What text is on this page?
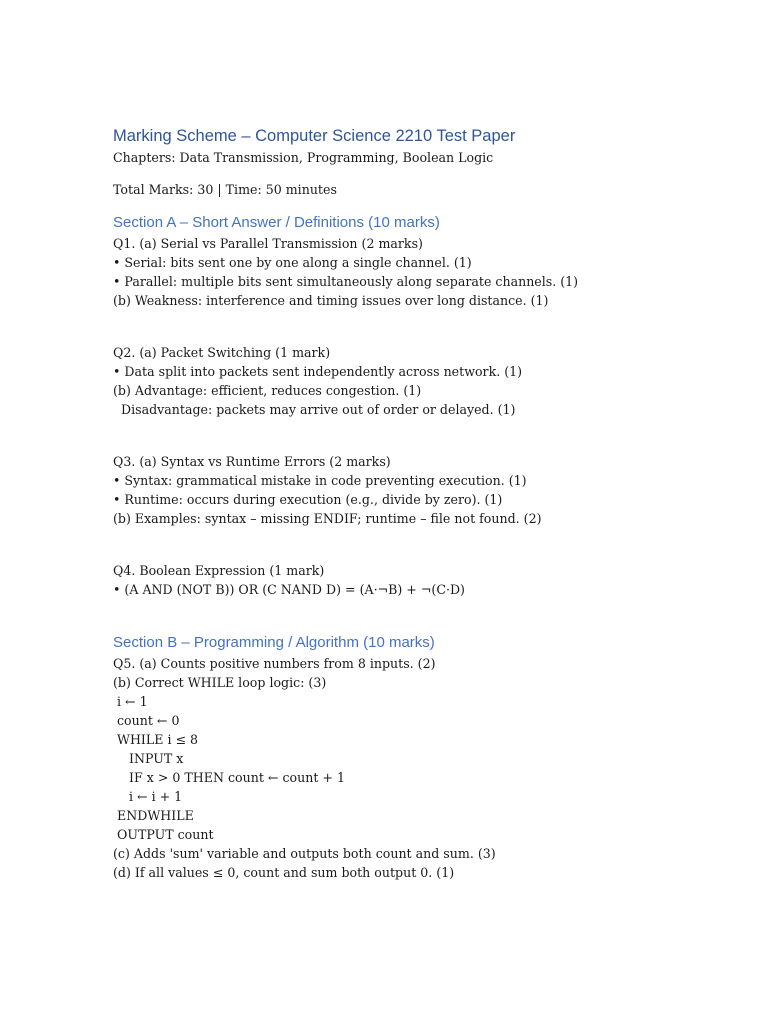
Marking Scheme – Computer Science 2210 Test Paper
Chapters: Data Transmission, Programming, Boolean Logic
Total Marks: 30 | Time: 50 minutes
Section A – Short Answer / Definitions (10 marks)
Q1. (a) Serial vs Parallel Transmission (2 marks)
• Serial: bits sent one by one along a single channel. (1)
• Parallel: multiple bits sent simultaneously along separate channels. (1)
(b) Weakness: interference and timing issues over long distance. (1)
Q2. (a) Packet Switching (1 mark)
• Data split into packets sent independently across network. (1)
(b) Advantage: efficient, reduces congestion. (1)
Disadvantage: packets may arrive out of order or delayed. (1)
Q3. (a) Syntax vs Runtime Errors (2 marks)
• Syntax: grammatical mistake in code preventing execution. (1)
• Runtime: occurs during execution (e.g., divide by zero). (1)
(b) Examples: syntax – missing ENDIF; runtime – file not found. (2)
Q4. Boolean Expression (1 mark)
• (A AND (NOT B)) OR (C NAND D) = (A·¬B) + ¬(C·D)
Section B – Programming / Algorithm (10 marks)
Q5. (a) Counts positive numbers from 8 inputs. (2)
(b) Correct WHILE loop logic: (3)
i ← 1
count ← 0
WHILE i ≤ 8
INPUT x
IF x > 0 THEN count ← count + 1
i ← i + 1
ENDWHILE
OUTPUT count
(c) Adds 'sum' variable and outputs both count and sum. (3)
(d) If all values ≤ 0, count and sum both output 0. (1)
